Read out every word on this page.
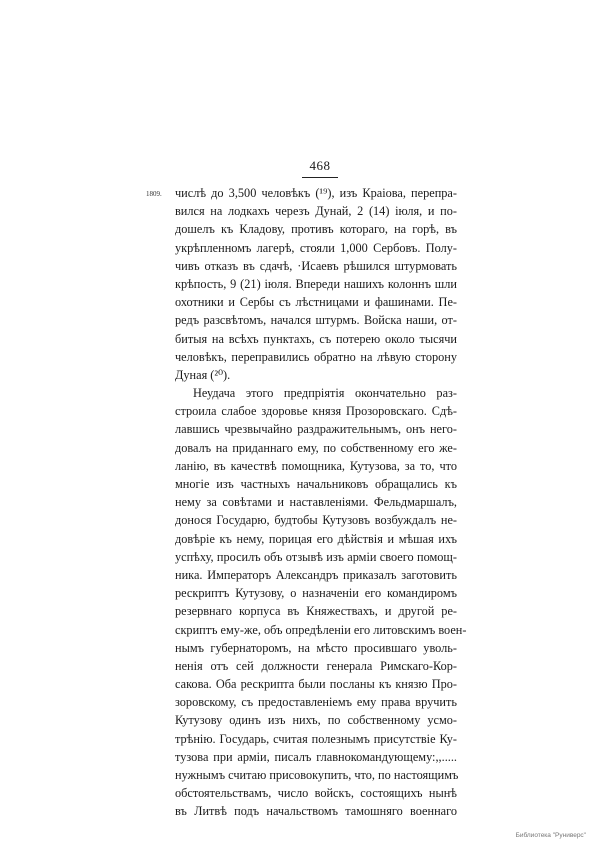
468
1809. числѣ до 3,500 человѣкъ (¹⁹), изъ Краіова, перепра-
вился на лодкахъ черезъ Дунай, 2 (14) іюля, и по-
дошелъ къ Кладову, противъ котораго, на горѣ, въ
укрѣпленномъ лагерѣ, стояли 1,000 Сербовъ. Полу-
чивъ отказъ въ сдачѣ, ·Исаевъ рѣшился штурмовать
крѣпость, 9 (21) іюля. Впереди нашихъ колоннъ шли
охотники и Сербы съ лѣстницами и фашинами. Пе-
редъ разсвѣтомъ, начался штурмъ. Войска наши, от-
битыя на всѣхъ пунктахъ, съ потерею около тысячи
человѣкъ, переправились обратно на лѣвую сторону
Дуная (²⁰).
Неудача этого предпріятія окончательно раз-
строила слабое здоровье князя Прозоровскаго. Сдѣ-
лавшись чрезвычайно раздражительнымъ, онъ него-
довалъ на приданнаго ему, по собственному его же-
ланію, въ качествѣ помощника, Кутузова, за то, что
многіе изъ частныхъ начальниковъ обращались къ
нему за совѣтами и наставленіями. Фельдмаршалъ,
донося Государю, будтобы Кутузовъ возбуждалъ не-
довѣріе къ нему, порицая его дѣйствія и мѣшая ихъ
успѣху, просилъ объ отзывѣ изъ арміи своего помощ-
ника. Императоръ Александръ приказалъ заготовить
рескриптъ Кутузову, о назначеніи его командиромъ
резервнаго корпуса въ Княжествахъ, и другой ре-
скриптъ ему-же, объ опредѣленіи его литовскимъ воен-
нымъ губернаторомъ, на мѣсто просившаго уволь-
ненія отъ сей должности генерала Римскаго-Кор-
сакова. Оба рескрипта были посланы къ князю Про-
зоровскому, съ предоставленіемъ ему права вручить
Кутузову одинъ изъ нихъ, по собственному усмо-
трѣнію. Государь, считая полезнымъ присутствіе Ку-
тузова при арміи, писалъ главнокомандующему:,,.....
нужнымъ считаю присовокупить, что, по настоящимъ
обстоятельствамъ, число войскъ, состоящихъ нынѣ
въ Литвѣ подъ начальствомъ тамошняго военнаго
Библиотека "Руниверс"
